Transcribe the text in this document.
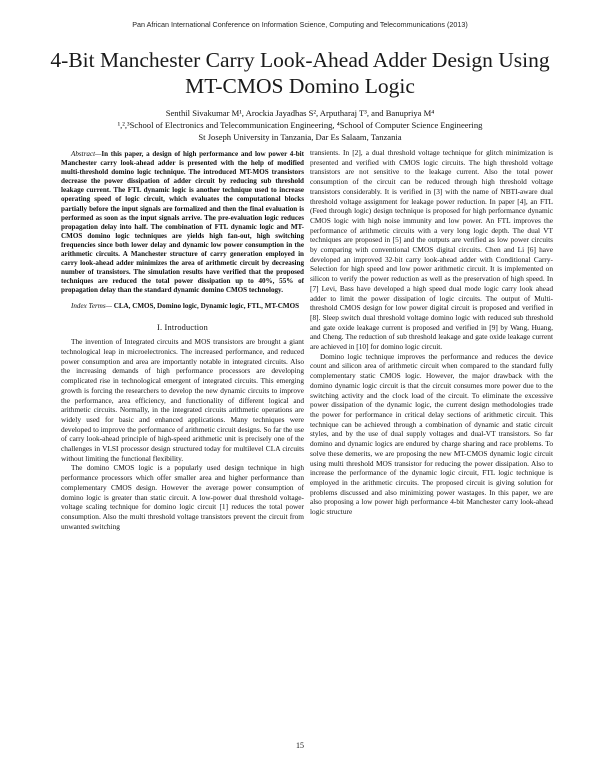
Pan African International Conference on Information Science, Computing and Telecommunications (2013)
4-Bit Manchester Carry Look-Ahead Adder Design Using MT-CMOS Domino Logic
Senthil Sivakumar M¹, Arockia Jayadhas S², Arputharaj T³, and Banupriya M⁴
¹,²,³School of Electronics and Telecommunication Engineering, ⁴School of Computer Science Engineering
St Joseph University in Tanzania, Dar Es Salaam, Tanzania

Abstract—In this paper, a design of high performance and low power 4-bit Manchester carry look-ahead adder is presented with the help of modified multi-threshold domino logic technique. The introduced MT-MOS transistors decrease the power dissipation of adder circuit by reducing sub threshold leakage current. The FTL dynamic logic is another technique used to increase operating speed of logic circuit, which evaluates the computational blocks partially before the input signals are formalized and then the final evaluation is performed as soon as the input signals arrive. The pre-evaluation logic reduces propagation delay into half. The combination of FTL dynamic logic and MT-CMOS domino logic techniques are yields high fan-out, high switching frequencies since both lower delay and dynamic low power consumption in the arithmetic circuits. A Manchester structure of carry generation employed in carry look-ahead adder minimizes the area of arithmetic circuit by decreasing number of transistors. The simulation results have verified that the proposed techniques are reduced the total power dissipation up to 40%, 55% of propagation delay than the standard dynamic domino CMOS technology.

Index Terms— CLA, CMOS, Domino logic, Dynamic logic, FTL, MT-CMOS

I. Introduction

The invention of Integrated circuits and MOS transistors are brought a giant technological leap in microelectronics. The increased performance, and reduced power consumption and area are importantly notable in integrated circuits. Also the increasing demands of high performance processors are developing complicated rise in technological emergent of integrated circuits. This emerging growth is forcing the researchers to develop the new dynamic circuits to improve the performance, area efficiency, and functionality of different logical and arithmetic circuits. Normally, in the integrated circuits arithmetic operations are widely used for basic and enhanced applications. Many techniques were developed to improve the performance of arithmetic circuit designs. So far the use of carry look-ahead principle of high-speed arithmetic unit is precisely one of the challenges in VLSI processor design structured today for multilevel CLA circuits without limiting the functional flexibility.

The domino CMOS logic is a popularly used design technique in high performance processors which offer smaller area and higher performance than complementary CMOS design. However the average power consumption of domino logic is greater than static circuit. A low-power dual threshold voltage-voltage scaling technique for domino logic circuit [1] reduces the total power consumption. Also the multi threshold voltage transistors prevent the circuit from unwanted switching

transients. In [2], a dual threshold voltage technique for glitch minimization is presented and verified with CMOS logic circuits. The high threshold voltage transistors are not sensitive to the leakage current. Also the total power consumption of the circuit can be reduced through high threshold voltage transistors considerably. It is verified in [3] with the name of NBTI-aware dual threshold voltage assignment for leakage power reduction. In paper [4], an FTL (Feed through logic) design technique is proposed for high performance dynamic CMOS logic with high noise immunity and low power. An FTL improves the performance of arithmetic circuits with a very long logic depth. The dual VT techniques are proposed in [5] and the outputs are verified as low power circuits by comparing with conventional CMOS digital circuits. Chen and Li [6] have developed an improved 32-bit carry look-ahead adder with Conditional Carry-Selection for high speed and low power arithmetic circuit. It is implemented on silicon to verify the power reduction as well as the preservation of high speed. In [7] Levi, Bass have developed a high speed dual mode logic carry look ahead adder to limit the power dissipation of logic circuits. The output of Multi-threshold CMOS design for low power digital circuit is proposed and verified in [8]. Sleep switch dual threshold voltage domino logic with reduced sub threshold and gate oxide leakage current is proposed and verified in [9] by Wang, Huang, and Cheng. The reduction of sub threshold leakage and gate oxide leakage current are achieved in [10] for domino logic circuit.

Domino logic technique improves the performance and reduces the device count and silicon area of arithmetic circuit when compared to the standard fully complementary static CMOS logic. However, the major drawback with the domino dynamic logic circuit is that the circuit consumes more power due to the switching activity and the clock load of the circuit. To eliminate the excessive power dissipation of the dynamic logic, the current design methodologies trade the power for performance in critical delay sections of arithmetic circuit. This technique can be achieved through a combination of dynamic and static circuit styles, and by the use of dual supply voltages and dual-VT transistors. So far domino and dynamic logics are endured by charge sharing and race problems. To solve these demerits, we are proposing the new MT-CMOS dynamic logic circuit using multi threshold MOS transistor for reducing the power dissipation. Also to increase the performance of the dynamic logic circuit, FTL logic technique is employed in the arithmetic circuits. The proposed circuit is giving solution for problems discussed and also minimizing power wastages. In this paper, we are also proposing a low power high performance 4-bit Manchester carry look-ahead logic structure

15
